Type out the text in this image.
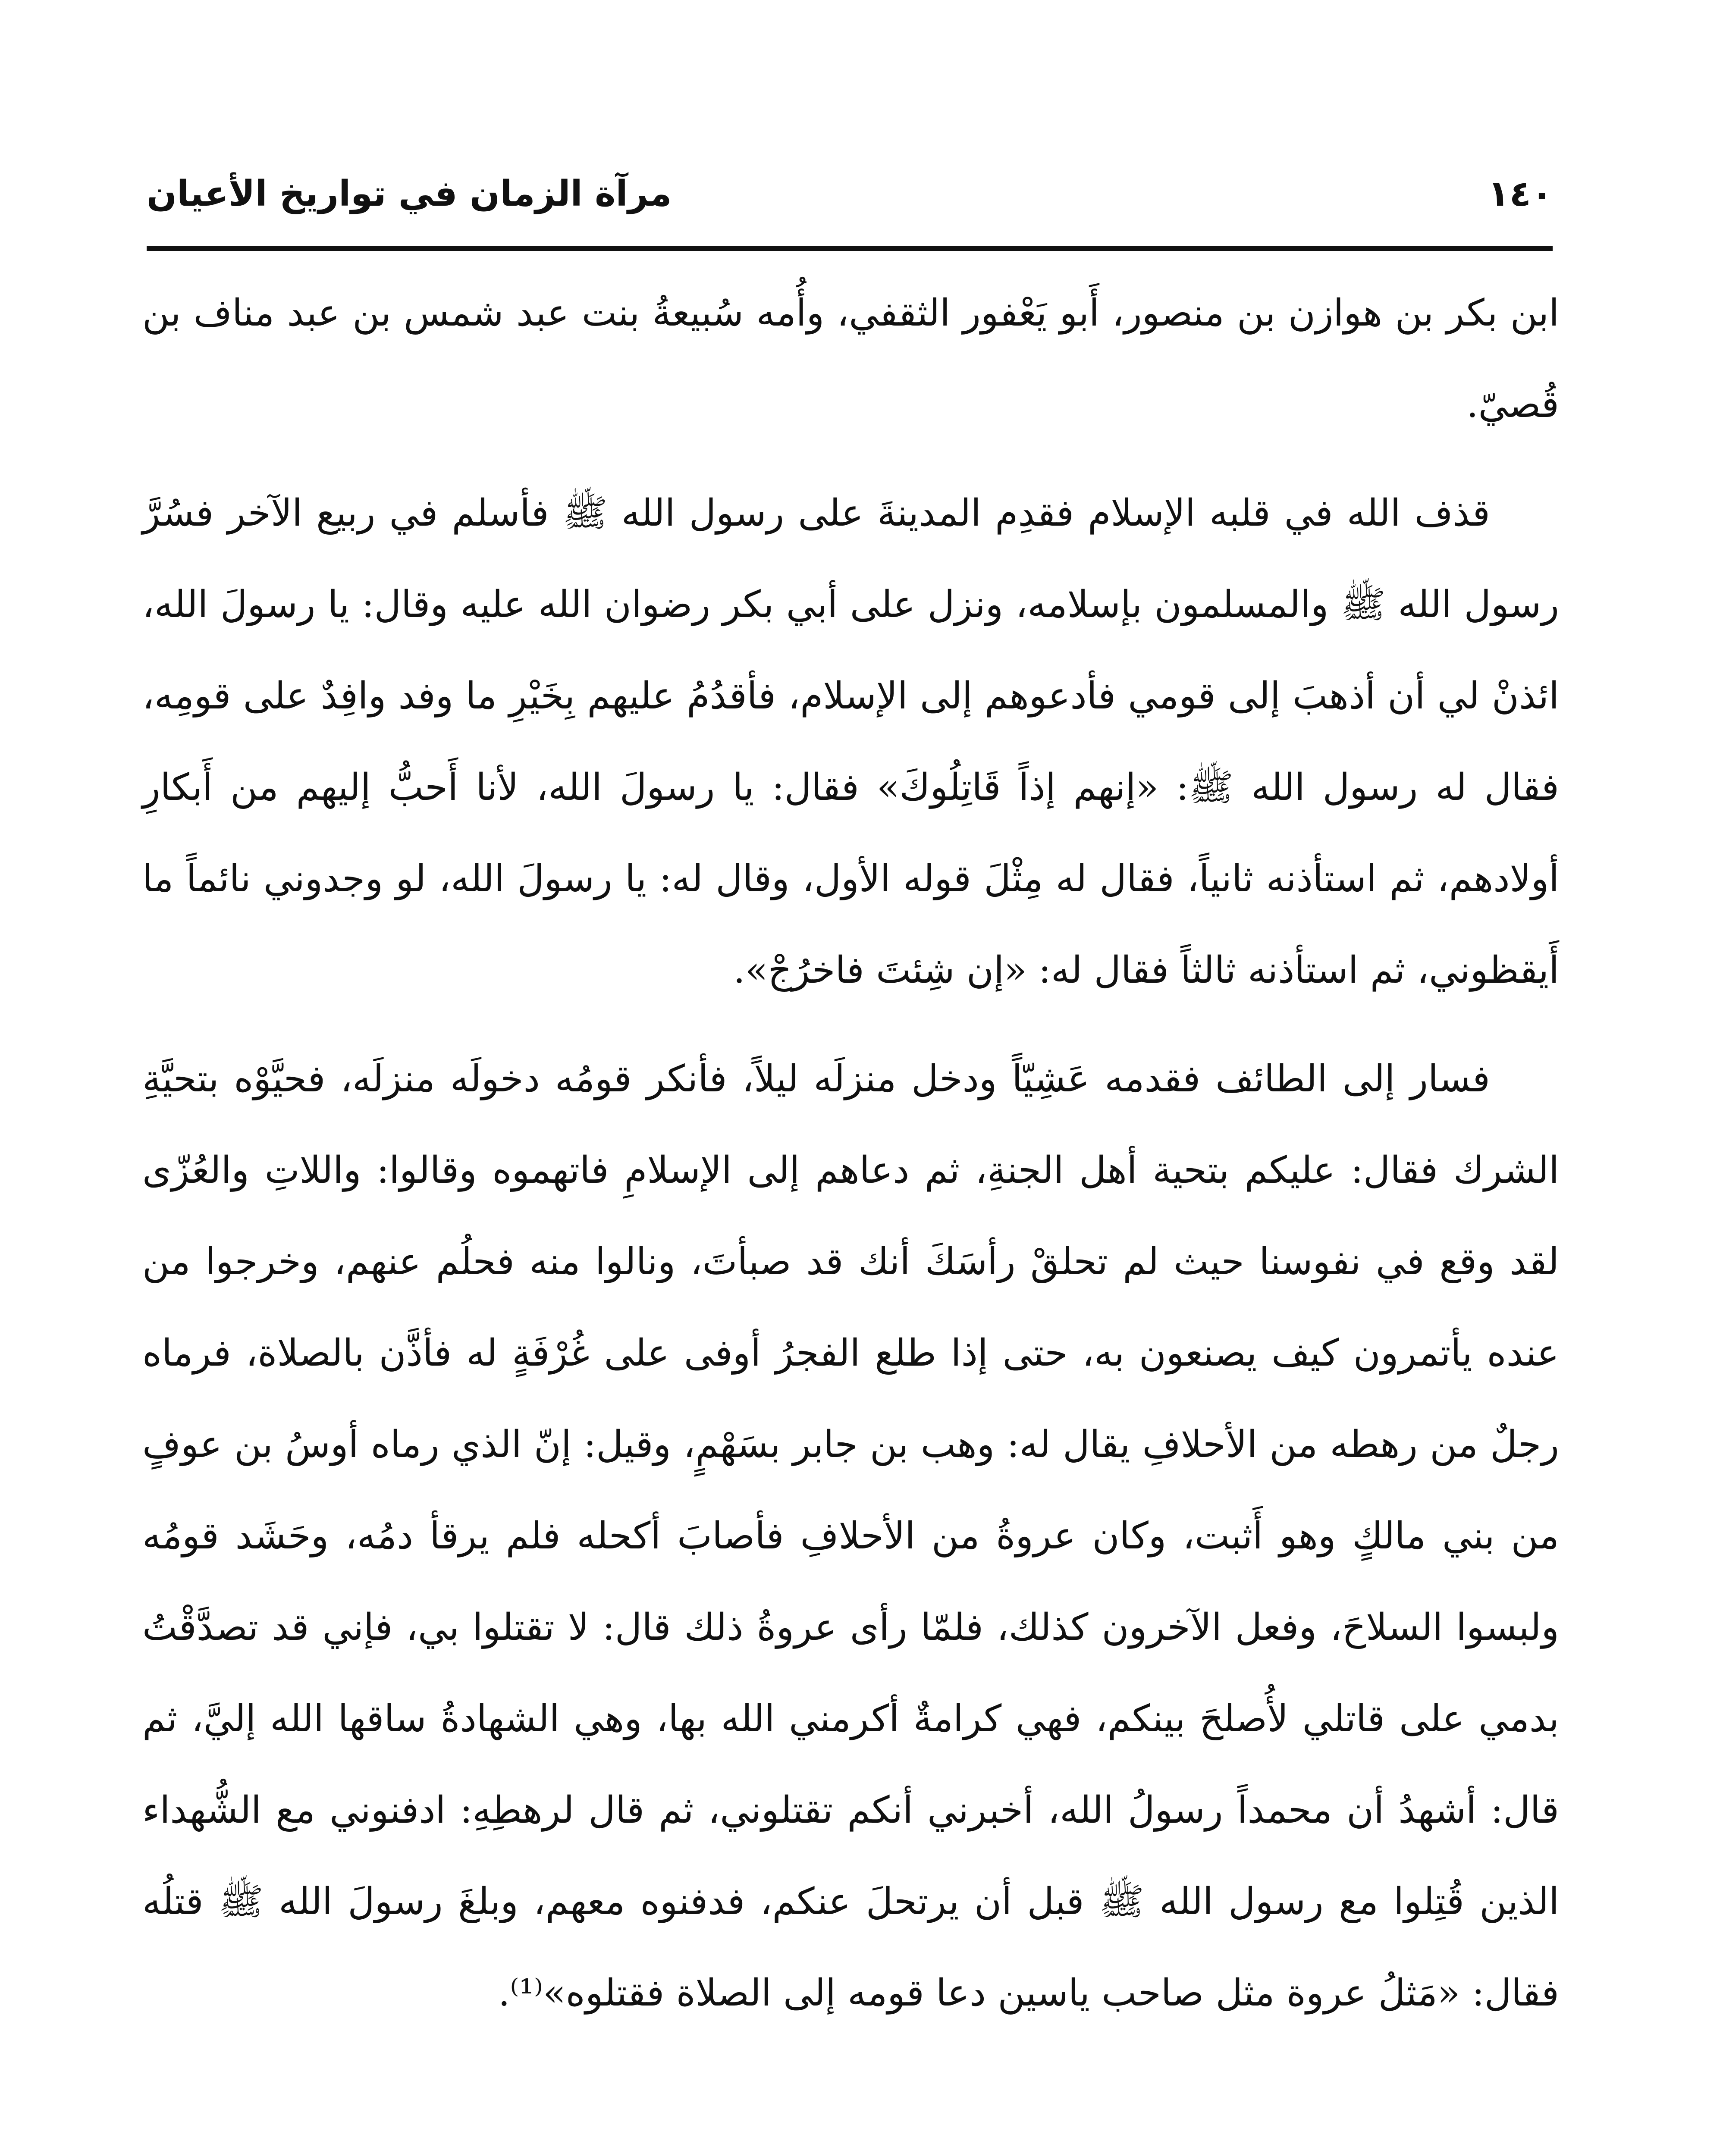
١٤٠
مرآة الزمان في تواريخ الأعيان

ابن بكر بن هوازن بن منصور، أَبو يَعْفور الثقفي، وأُمه سُبيعةُ بنت عبد شمس بن عبد مناف بن قُصيّ.

قذف الله في قلبه الإسلام فقدِم المدينةَ على رسول الله ﷺ فأسلم في ربيع الآخر فسُرَّ رسول الله ﷺ والمسلمون بإسلامه، ونزل على أبي بكر رضوان الله عليه وقال: يا رسولَ الله، ائذنْ لي أن أذهبَ إلى قومي فأدعوهم إلى الإسلام، فأقدُمُ عليهم بِخَيْرِ ما وفد وافِدٌ على قومِه، فقال له رسول الله ﷺ: «إنهم إذاً قَاتِلُوكَ» فقال: يا رسولَ الله، لأنا أَحبُّ إليهم من أَبكارِ أولادهم، ثم استأذنه ثانياً، فقال له مِثْلَ قوله الأول، وقال له: يا رسولَ الله، لو وجدوني نائماً ما أَيقظوني، ثم استأذنه ثالثاً فقال له: «إن شِئتَ فاخرُجْ».

فسار إلى الطائف فقدمه عَشِيّاً ودخل منزلَه ليلاً، فأنكر قومُه دخولَه منزلَه، فحيَّوْه بتحيَّةِ الشرك فقال: عليكم بتحية أهل الجنةِ، ثم دعاهم إلى الإسلامِ فاتهموه وقالوا: واللاتِ والعُزّى لقد وقع في نفوسنا حيث لم تحلقْ رأسَكَ أنك قد صبأتَ، ونالوا منه فحلُم عنهم، وخرجوا من عنده يأتمرون كيف يصنعون به، حتى إذا طلع الفجرُ أوفى على غُرْفَةٍ له فأذَّن بالصلاة، فرماه رجلٌ من رهطه من الأحلافِ يقال له: وهب بن جابر بسَهْمٍ، وقيل: إنّ الذي رماه أوسُ بن عوفٍ من بني مالكٍ وهو أَثبت، وكان عروةُ من الأحلافِ فأصابَ أكحله فلم يرقأ دمُه، وحَشَد قومُه ولبسوا السلاحَ، وفعل الآخرون كذلك، فلمّا رأى عروةُ ذلك قال: لا تقتلوا بي، فإني قد تصدَّقْتُ بدمي على قاتلي لأُصلحَ بينكم، فهي كرامةٌ أكرمني الله بها، وهي الشهادةُ ساقها الله إليَّ، ثم قال: أشهدُ أن محمداً رسولُ الله، أخبرني أنكم تقتلوني، ثم قال لرهطِهِ: ادفنوني مع الشُّهداء الذين قُتِلوا مع رسول الله ﷺ قبل أن يرتحلَ عنكم، فدفنوه معهم، وبلغَ رسولَ الله ﷺ قتلُه فقال: «مَثلُ عروة مثل صاحب ياسين دعا قومه إلى الصلاة فقتلوه»⁽¹⁾.
